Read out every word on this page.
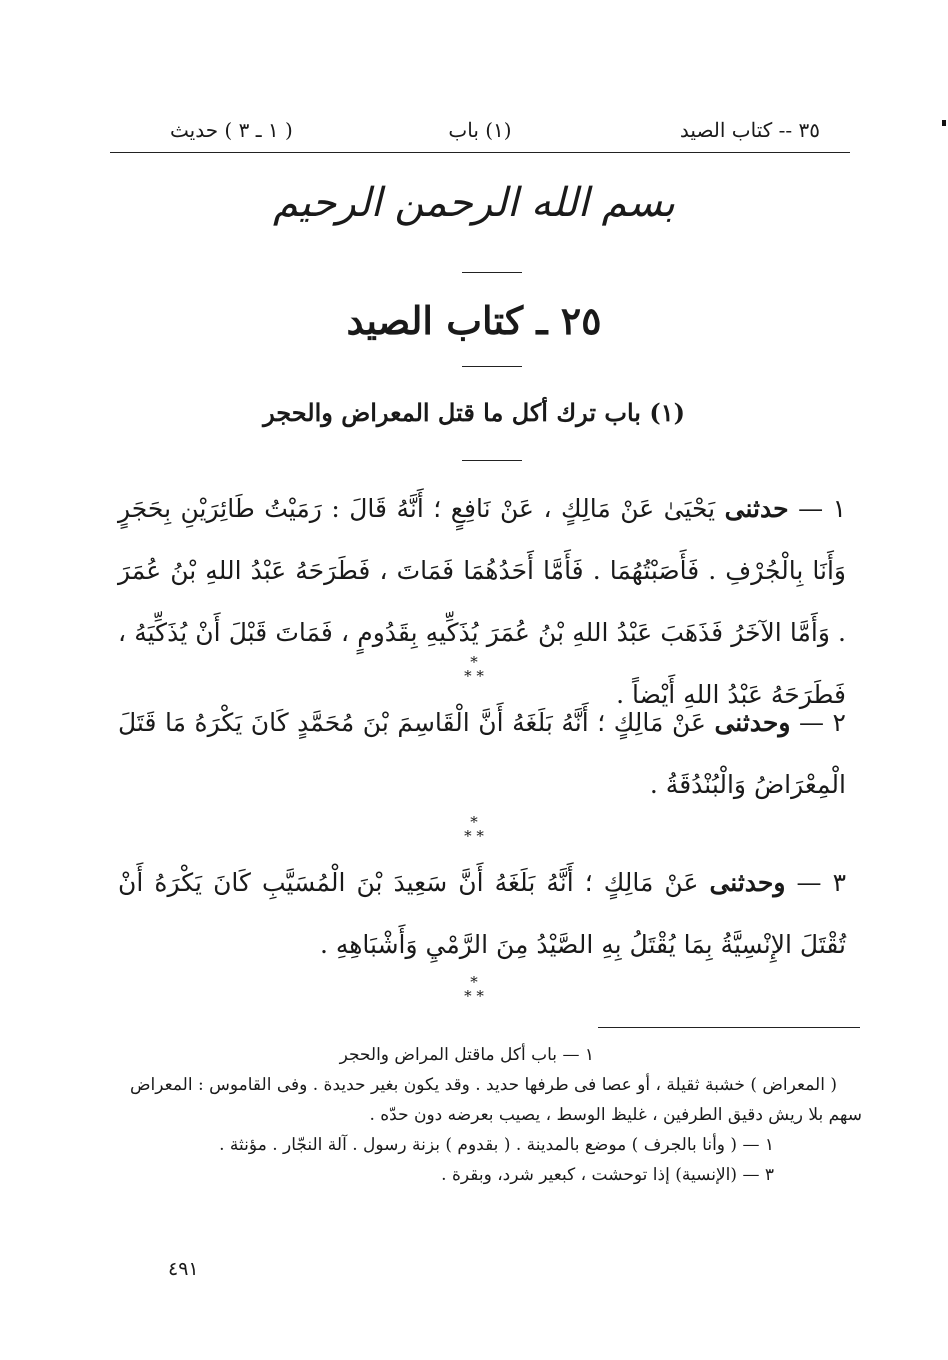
٣٥ -- كتاب الصيد
(١) باب
( ١ ـ ٣ ) حديث
بسم الله الرحمن الرحيم
٢٥ ـ كتاب الصيد
(١) باب ترك أكل ما قتل المعراض والحجر
١ — حدثنى يَحْيَىٰ عَنْ مَالِكٍ ، عَنْ نَافِعٍ ؛ أَنَّهُ قَالَ : رَمَيْتُ طَائِرَيْنِ بِحَجَرٍ وَأَنَا بِالْجُرْفِ . فَأَصَبْتُهُمَا . فَأَمَّا أَحَدُهُمَا فَمَاتَ ، فَطَرَحَهُ عَبْدُ اللهِ بْنُ عُمَرَ . وَأَمَّا الآخَرُ فَذَهَبَ عَبْدُ اللهِ بْنُ عُمَرَ يُذَكِّيهِ بِقَدُومٍ ، فَمَاتَ قَبْلَ أَنْ يُذَكِّيَهُ ، فَطَرَحَهُ عَبْدُ اللهِ أَيْضاً .
*
* *
٢ — وحدثنى عَنْ مَالِكٍ ؛ أَنَّهُ بَلَغَهُ أَنَّ الْقَاسِمَ بْنَ مُحَمَّدٍ كَانَ يَكْرَهُ مَا قَتَلَ الْمِعْرَاضُ وَالْبُنْدُقَةُ .
*
* *
٣ — وحدثنى عَنْ مَالِكٍ ؛ أَنَّهُ بَلَغَهُ أَنَّ سَعِيدَ بْنَ الْمُسَيَّبِ كَانَ يَكْرَهُ أَنْ تُقْتَلَ الإِنْسِيَّةُ بِمَا يُقْتَلُ بِهِ الصَّيْدُ مِنَ الرَّمْيِ وَأَشْبَاهِهِ .
*
* *
١ — باب أكل ماقتل المراض والحجر
( المعراض ) خشبة ثقيلة ، أو عصا فى طرفها حديد . وقد يكون بغير حديدة . وفى القاموس : المعراض
سهم بلا ريش دقيق الطرفين ، غليظ الوسط ، يصيب بعرضه دون حدّه .
١ — ( وأنا بالجرف ) موضع بالمدينة . ( بقدوم ) بزنة رسول . آلة النجّار . مؤنثة .
٣ — (الإنسية) إذا توحشت ، كبعير شرد، وبقرة .
٤٩١
